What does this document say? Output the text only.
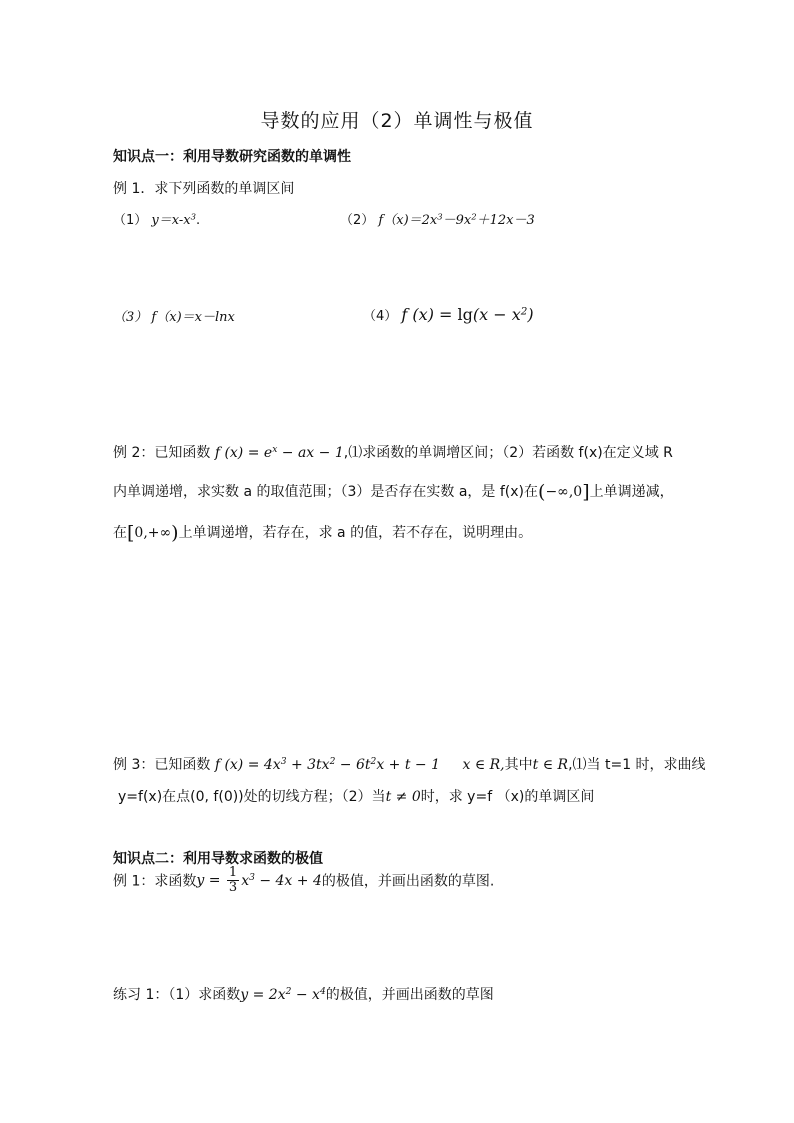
导数的应用（2）单调性与极值
知识点一：利用导数研究函数的单调性
例 1．求下列函数的单调区间
（1） $y=x-x^3$.	（2） $f(x)=2x^3-9x^2+12x-3$
（3） f（x)＝x－lnx	（4） f $(x) = \lg(x - x^2)$
例 2：已知函数 f $(x) = e^x$ − ax − 1,⑴求函数的单调增区间；（2）若函数 f(x)在定义域 R
内单调递增，求实数 a 的取值范围；（3）是否存在实数 a，是 f(x)在(−∞,0]上单调递减，
在[0,+∞)上单调递增，若存在，求 a 的值，若不存在，说明理由。
例 3：已知函数 f $(x) = 4x^3 + 3tx^2 - 6t^2x + t - 1$ x ∈ R,其中t ∈ R,⑴当 t=1 时，求曲线
y=f(x)在点(0, f(0))处的切线方程；（2）当t ≠ 0时，求 y=f （x)的单调区间
知识点二：利用导数求函数的极值
例 1：求函数$y = \frac{1}{3} x^3 - 4x + 4$的极值，并画出函数的草图.
练习 1：（1）求函数$y = 2x^2 - x^4$的极值，并画出函数的草图
